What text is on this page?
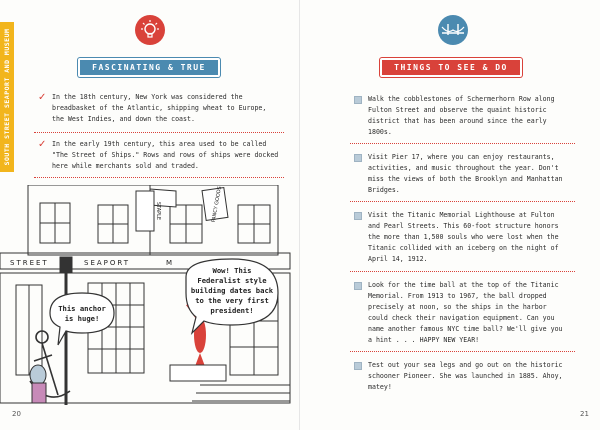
SOUTH STREET SEAPORT AND MUSEUM	FASCINATING & TRUE
✓ In the 18th century, New York was considered the breadbasket of the Atlantic, shipping wheat to Europe, the West Indies, and down the coast.
✓ In the early 19th century, this area used to be called "The Street of Ships." Rows and rows of ships were docked here while merchants sold and traded.
STAPLE	FANCY GOODS
STREET	SEAPORT	M
Wow! This
Federalist style
building dates back
to the very first
president!
This anchor
is huge!
20
THINGS TO SEE & DO
Walk the cobblestones of Schermerhorn Row along Fulton Street and observe the quaint historic district that has been around since the early 1800s.
Visit Pier 17, where you can enjoy restaurants, activities, and music throughout the year. Don't miss the views of both the Brooklyn and Manhattan Bridges.
Visit the Titanic Memorial Lighthouse at Fulton and Pearl Streets. This 60-foot structure honors the more than 1,500 souls who were lost when the Titanic collided with an iceberg on the night of April 14, 1912.
Look for the time ball at the top of the Titanic Memorial. From 1913 to 1967, the ball dropped precisely at noon, so the ships in the harbor could check their navigation equipment. Can you name another famous NYC time ball? We'll give you a hint . . . HAPPY NEW YEAR!
Test out your sea legs and go out on the historic schooner Pioneer. She was launched in 1885. Ahoy, matey!
21
